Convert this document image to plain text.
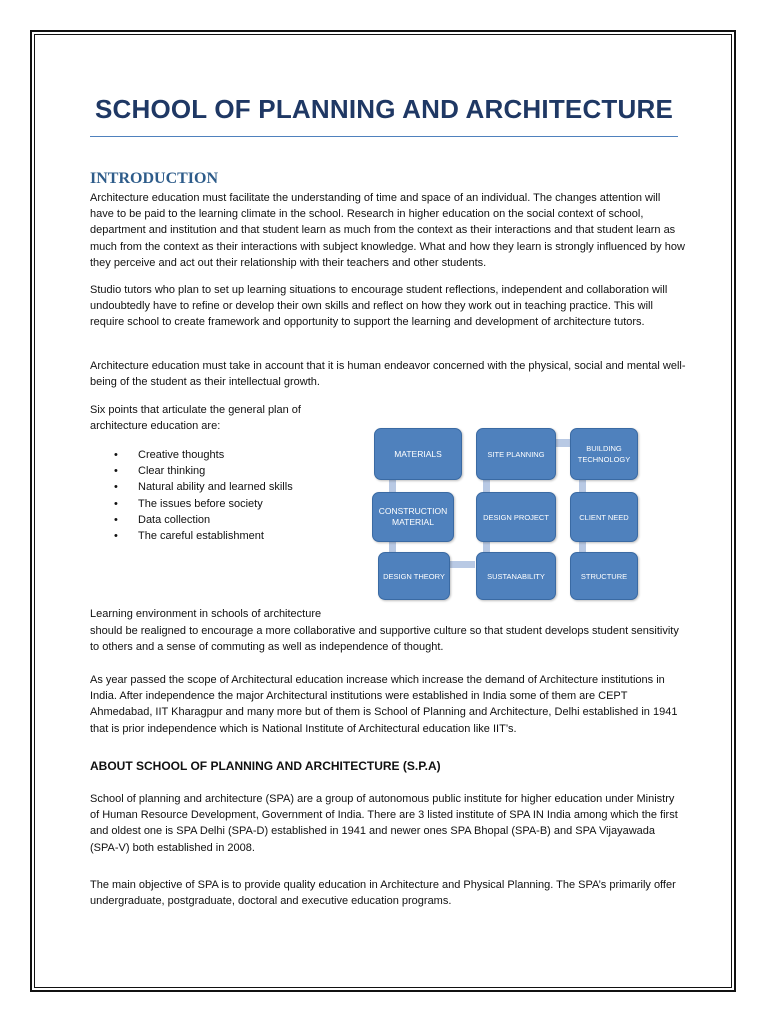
SCHOOL OF PLANNING AND ARCHITECTURE
INTRODUCTION

Architecture education must facilitate the understanding of time and space of an individual. The changes attention will have to be paid to the learning climate in the school. Research in higher education on the social context of school, department and institution and that student learn as much from the context as their interactions and that student learn as much from the context as their interactions with subject knowledge. What and how they learn is strongly influenced by how they perceive and act out their relationship with their teachers and other students.

Studio tutors who plan to set up learning situations to encourage student reflections, independent and collaboration will undoubtedly have to refine or develop their own skills and reflect on how they work out in teaching practice. This will require school to create framework and opportunity to support the learning and development of architecture tutors.

Architecture education must take in account that it is human endeavor concerned with the physical, social and mental well-being of the student as their intellectual growth.

Six points that articulate the general plan of architecture education are:

• Creative thoughts
• Clear thinking
• Natural ability and learned skills
• The issues before society
• Data collection
• The careful establishment
MATERIALS	SITE PLANNING
BUILDING TECHNOLOGY
CONSTRUCTION MATERIAL	DESIGN PROJECT	CLIENT NEED
DESIGN THEORY	SUSTANABILITY	STRUCTURE

Learning environment in schools of architecture

should be realigned to encourage a more collaborative and supportive culture so that student develops student sensitivity to others and a sense of commuting as well as independence of thought.

As year passed the scope of Architectural education increase which increase the demand of Architecture institutions in India. After independence the major Architectural institutions were established in India some of them are CEPT Ahmedabad, IIT Kharagpur and many more but of them is School of Planning and Architecture, Delhi established in 1941 that is prior independence which is National Institute of Architectural education like IIT’s.

ABOUT SCHOOL OF PLANNING AND ARCHITECTURE (S.P.A)

School of planning and architecture (SPA) are a group of autonomous public institute for higher education under Ministry of Human Resource Development, Government of India. There are 3 listed institute of SPA IN India among which the first and oldest one is SPA Delhi (SPA-D) established in 1941 and newer ones SPA Bhopal (SPA-B) and SPA Vijayawada (SPA-V) both established in 2008.

The main objective of SPA is to provide quality education in Architecture and Physical Planning. The SPA’s primarily offer undergraduate, postgraduate, doctoral and executive education programs.
